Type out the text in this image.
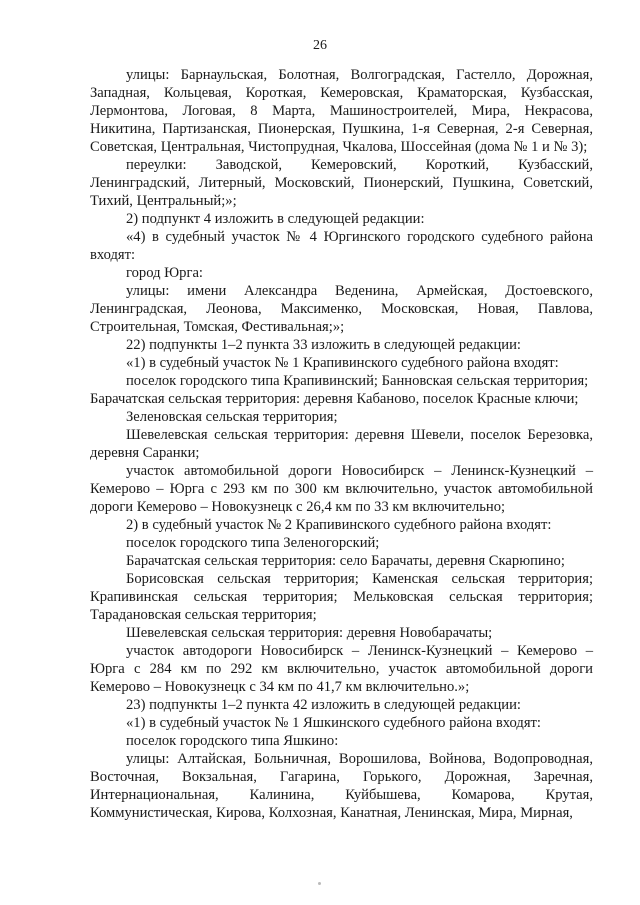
26

улицы: Барнаульская, Болотная, Волгоградская, Гастелло, Дорожная, Западная, Кольцевая, Короткая, Кемеровская, Краматорская, Кузбасская, Лермонтова, Логовая, 8 Марта, Машиностроителей, Мира, Некрасова, Никитина, Партизанская, Пионерская, Пушкина, 1-я Северная, 2-я Северная, Советская, Центральная, Чистопрудная, Чкалова, Шоссейная (дома № 1 и № 3);

переулки: Заводской, Кемеровский, Короткий, Кузбасский, Ленинградский, Литерный, Московский, Пионерский, Пушкина, Советский, Тихий, Центральный;»;

2) подпункт 4 изложить в следующей редакции:

«4) в судебный участок № 4 Юргинского городского судебного района входят:

город Юрга:

улицы: имени Александра Веденина, Армейская, Достоевского, Ленинградская, Леонова, Максименко, Московская, Новая, Павлова, Строительная, Томская, Фестивальная;»;

22) подпункты 1–2 пункта 33 изложить в следующей редакции:

«1) в судебный участок № 1 Крапивинского судебного района входят:

поселок городского типа Крапивинский; Банновская сельская территория;

Барачатская сельская территория: деревня Кабаново, поселок Красные ключи;

Зеленовская сельская территория;

Шевелевская сельская территория: деревня Шевели, поселок Березовка, деревня Саранки;

участок автомобильной дороги Новосибирск – Ленинск-Кузнецкий – Кемерово – Юрга с 293 км по 300 км включительно, участок автомобильной дороги Кемерово – Новокузнецк с 26,4 км по 33 км включительно;

2) в судебный участок № 2 Крапивинского судебного района входят:

поселок городского типа Зеленогорский;

Барачатская сельская территория: село Барачаты, деревня Скарюпино;

Борисовская сельская территория; Каменская сельская территория; Крапивинская сельская территория; Мельковская сельская территория; Тарадановская сельская территория;

Шевелевская сельская территория: деревня Новобарачаты;

участок автодороги Новосибирск – Ленинск-Кузнецкий – Кемерово – Юрга с 284 км по 292 км включительно, участок автомобильной дороги Кемерово – Новокузнецк с 34 км по 41,7 км включительно.»;

23) подпункты 1–2 пункта 42 изложить в следующей редакции:

«1) в судебный участок № 1 Яшкинского судебного района входят:

поселок городского типа Яшкино:

улицы: Алтайская, Больничная, Ворошилова, Войнова, Водопроводная, Восточная, Вокзальная, Гагарина, Горького, Дорожная, Заречная, Интернациональная, Калинина, Куйбышева, Комарова, Крутая, Коммунистическая, Кирова, Колхозная, Канатная, Ленинская, Мира, Мирная,
